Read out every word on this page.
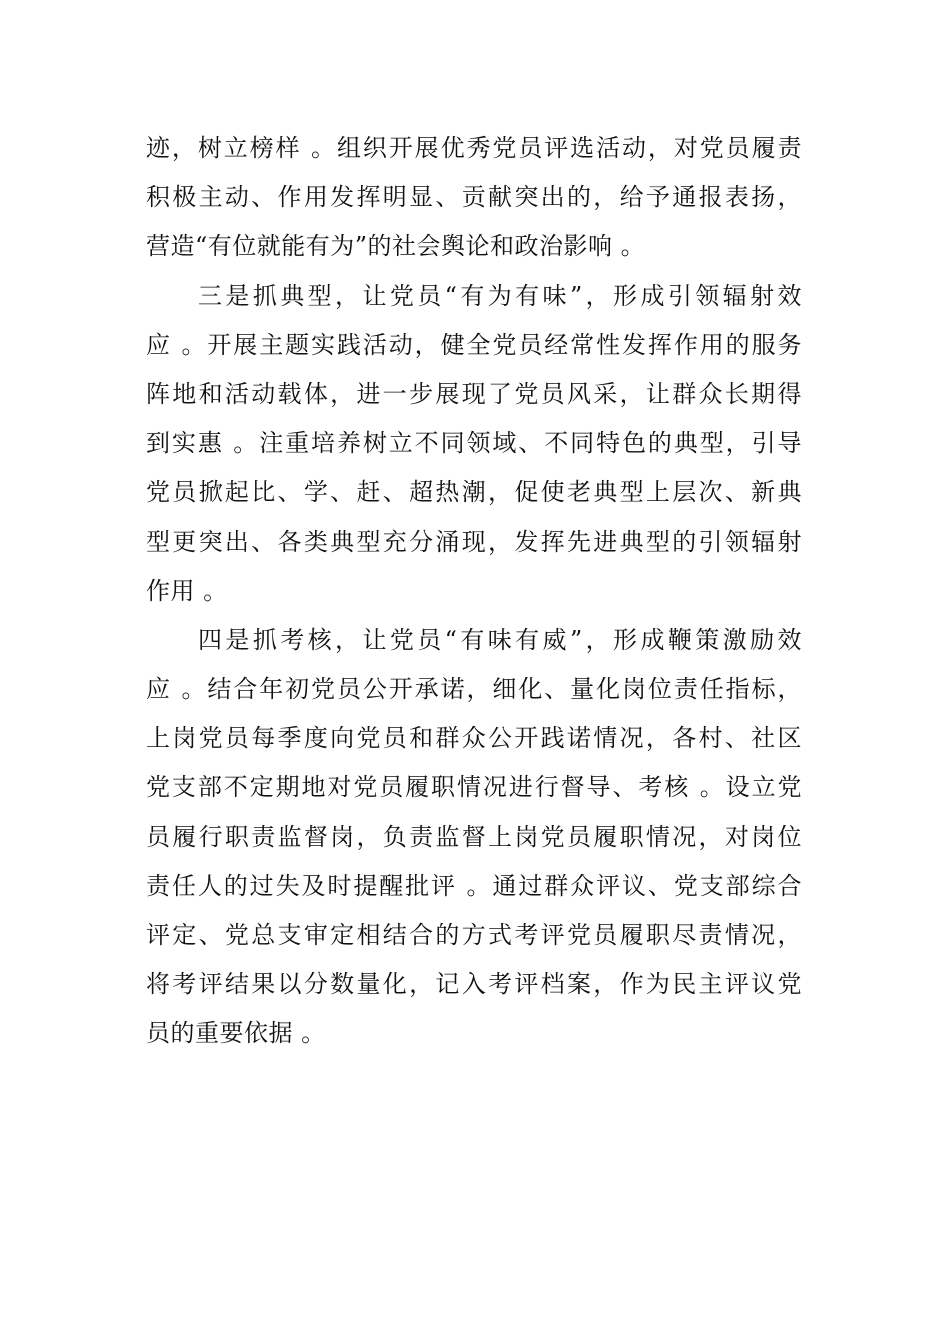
迹，树立榜样 。组织开展优秀党员评选活动，对党员履责
积极主动、作用发挥明显、贡献突出的，给予通报表扬，
营造“有位就能有为”的社会舆论和政治影响 。
三是抓典型，让党员“有为有味”，形成引领辐射效
应 。开展主题实践活动，健全党员经常性发挥作用的服务
阵地和活动载体，进一步展现了党员风采，让群众长期得
到实惠 。注重培养树立不同领域、不同特色的典型，引导
党员掀起比、学、赶、超热潮，促使老典型上层次、新典
型更突出、各类典型充分涌现，发挥先进典型的引领辐射
作用 。
四是抓考核，让党员“有味有威”，形成鞭策激励效
应 。结合年初党员公开承诺，细化、量化岗位责任指标，
上岗党员每季度向党员和群众公开践诺情况，各村、社区
党支部不定期地对党员履职情况进行督导、考核 。设立党
员履行职责监督岗，负责监督上岗党员履职情况，对岗位
责任人的过失及时提醒批评 。通过群众评议、党支部综合
评定、党总支审定相结合的方式考评党员履职尽责情况，
将考评结果以分数量化，记入考评档案，作为民主评议党
员的重要依据 。
